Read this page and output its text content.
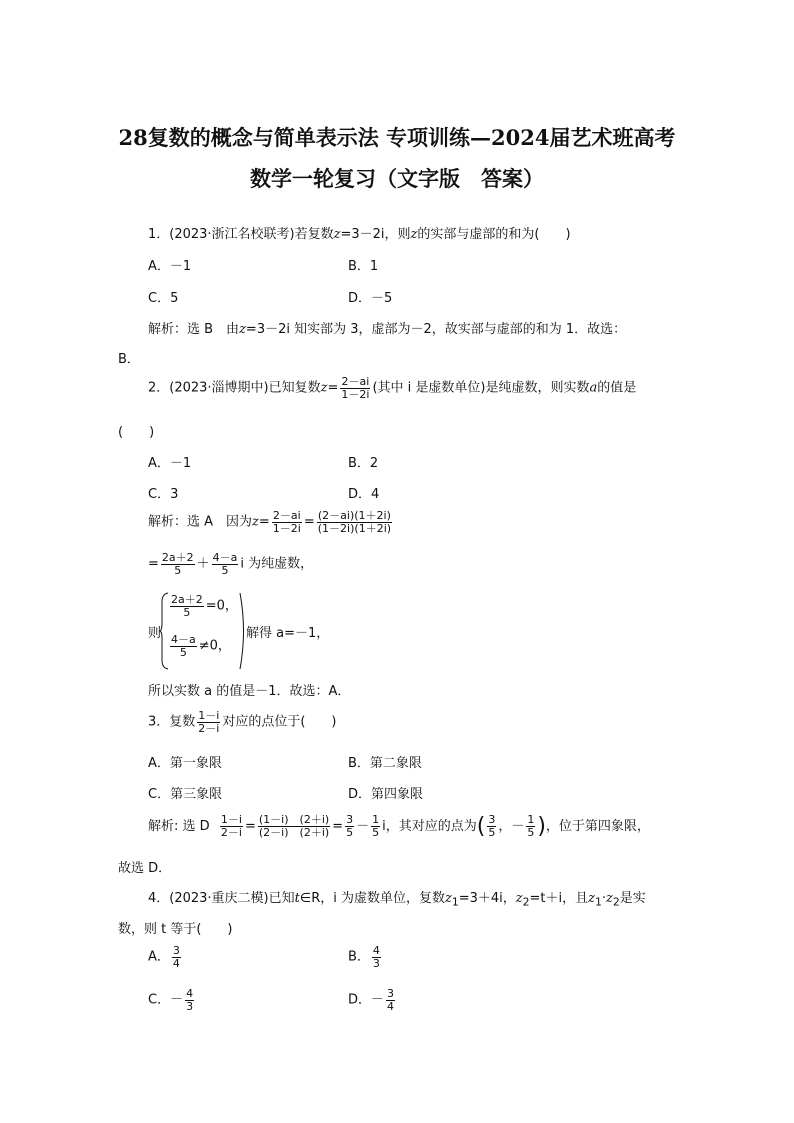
28复数的概念与简单表示法 专项训练—2024届艺术班高考
数学一轮复习（文字版　答案）
1．(2023·浙江名校联考)若复数z=3－2i，则z的实部与虚部的和为(　　)
A．－1	B．1
C．5	D．－5
解析：选 B　由z=3－2i 知实部为 3，虚部为－2，故实部与虚部的和为 1．故选：
B．
2．(2023·淄博期中)已知复数$z= \frac{2-ai}{1-2i}$ (其中 i 是虚数单位)是纯虚数，则实数a的值是
(　　)
A．－1	B．2
C．3	D．4
解析：选 A　因为$z= \frac{2-ai}{1-2i} = \frac{(2-ai)(1+2i)}{(1-2i)(1+2i)}$
= $\frac{2a+2}{5} + \frac{4-a}{5}$ i 为纯虚数，
则
$\frac{2a+2}{5} =0$，
$\frac{4-a}{5} \ne 0$，
解得 a=－1，
所以实数 a 的值是－1．故选：A．
3．复数 $\frac{1-i}{2-i}$ 对应的点位于(　　)
A．第一象限	B．第二象限
C．第三象限	D．第四象限
解析: 选 D $\frac{1-i}{2-i} = \frac{(1-i) (2+i)}{(2-i) (2+i)} = \frac{3}{5} - \frac{1}{5}$ i，其对应的点为( $\frac{3}{5}$ ，－ $\frac{1}{5}$ )，位于第四象限，
故选 D．
4．(2023·重庆二模)已知t∈R，i 为虚数单位，复数$z_1=3+4i$，$z_2=t+i$，且$z_1\cdot z_2$是实
数，则 t 等于(　　)
A． $\frac{3}{4}$	B． $\frac{4}{3}$
C．－ $\frac{4}{3}$	D．－ $\frac{3}{4}$
